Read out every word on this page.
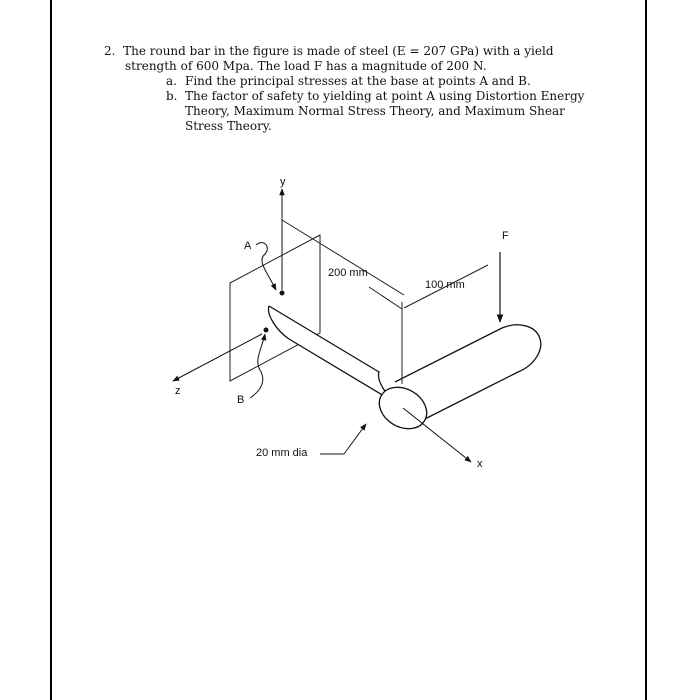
2. The round bar in the figure is made of steel (E = 207 GPa) with a yield strength of 600 Mpa. The load F has a magnitude of 200 N.

a. Find the principal stresses at the base at points A and B.
b. The factor of safety to yielding at point A using Distortion Energy Theory, Maximum Normal Stress Theory, and Maximum Shear Stress Theory.
y
z
x
200 mm
100 mm
F
A
B
20 mm dia
